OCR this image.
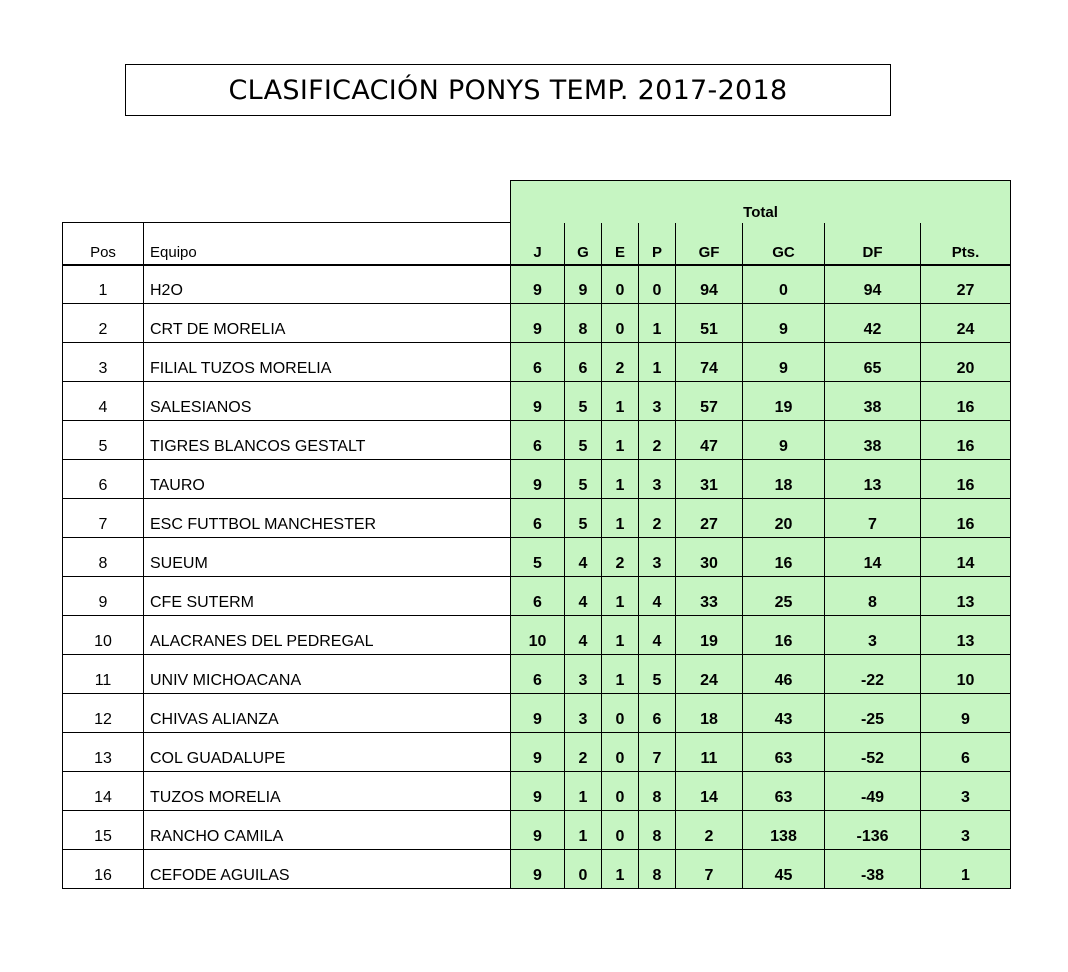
CLASIFICACIÓN PONYS TEMP. 2017-2018
		Total							
Pos	Equipo	J	G	E	P	GF	GC	DF	Pts.
1	H2O	9	9	0	0	94	0	94	27
2	CRT DE MORELIA	9	8	0	1	51	9	42	24
3	FILIAL TUZOS MORELIA	6	6	2	1	74	9	65	20
4	SALESIANOS	9	5	1	3	57	19	38	16
5	TIGRES BLANCOS GESTALT	6	5	1	2	47	9	38	16
6	TAURO	9	5	1	3	31	18	13	16
7	ESC FUTTBOL MANCHESTER	6	5	1	2	27	20	7	16
8	SUEUM	5	4	2	3	30	16	14	14
9	CFE SUTERM	6	4	1	4	33	25	8	13
10	ALACRANES DEL PEDREGAL	10	4	1	4	19	16	3	13
11	UNIV MICHOACANA	6	3	1	5	24	46	-22	10
12	CHIVAS ALIANZA	9	3	0	6	18	43	-25	9
13	COL GUADALUPE	9	2	0	7	11	63	-52	6
14	TUZOS MORELIA	9	1	0	8	14	63	-49	3
15	RANCHO CAMILA	9	1	0	8	2	138	-136	3
16	CEFODE AGUILAS	9	0	1	8	7	45	-38	1
